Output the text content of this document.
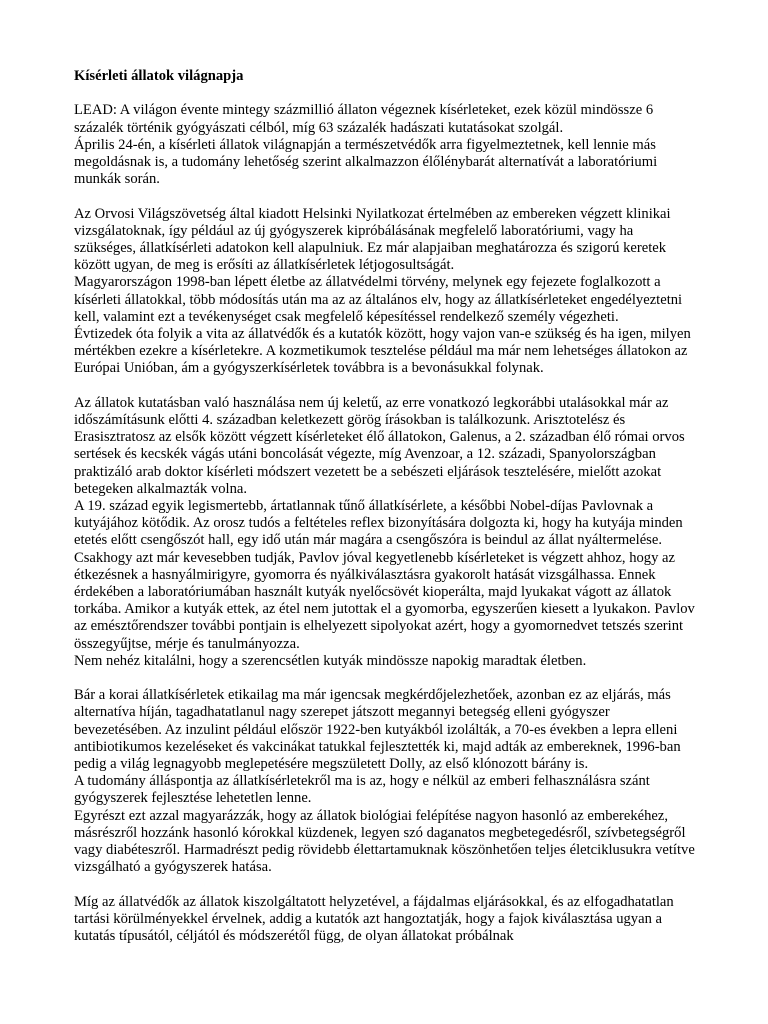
Kísérleti állatok világnapja

LEAD: A világon évente mintegy százmillió állaton végeznek kísérleteket, ezek közül mindössze 6 százalék történik gyógyászati célból, míg 63 százalék hadászati kutatásokat szolgál.

Április 24-én, a kísérleti állatok világnapján a természetvédők arra figyelmeztetnek, kell lennie más megoldásnak is, a tudomány lehetőség szerint alkalmazzon élőlénybarát alternatívát a laboratóriumi munkák során.

Az Orvosi Világszövetség által kiadott Helsinki Nyilatkozat értelmében az embereken végzett klinikai vizsgálatoknak, így például az új gyógyszerek kipróbálásának megfelelő laboratóriumi, vagy ha szükséges, állatkísérleti adatokon kell alapulniuk. Ez már alapjaiban meghatározza és szigorú keretek között ugyan, de meg is erősíti az állatkísérletek létjogosultságát.

Magyarországon 1998-ban lépett életbe az állatvédelmi törvény, melynek egy fejezete foglalkozott a kísérleti állatokkal, több módosítás után ma az az általános elv, hogy az állatkísérleteket engedélyeztetni kell, valamint ezt a tevékenységet csak megfelelő képesítéssel rendelkező személy végezheti.

Évtizedek óta folyik a vita az állatvédők és a kutatók között, hogy vajon van-e szükség és ha igen, milyen mértékben ezekre a kísérletekre. A kozmetikumok tesztelése például ma már nem lehetséges állatokon az Európai Unióban, ám a gyógyszerkísérletek továbbra is a bevonásukkal folynak.

Az állatok kutatásban való használása nem új keletű, az erre vonatkozó legkorábbi utalásokkal már az időszámításunk előtti 4. században keletkezett görög írásokban is találkozunk. Arisztotelész és Erasisztratosz az elsők között végzett kísérleteket élő állatokon, Galenus, a 2. században élő római orvos sertések és kecskék vágás utáni boncolását végezte, míg Avenzoar, a 12. századi, Spanyolországban praktizáló arab doktor kísérleti módszert vezetett be a sebészeti eljárások tesztelésére, mielőtt azokat betegeken alkalmazták volna.

A 19. század egyik legismertebb, ártatlannak tűnő állatkísérlete, a későbbi Nobel-díjas Pavlovnak a kutyájához kötődik. Az orosz tudós a feltételes reflex bizonyítására dolgozta ki, hogy ha kutyája minden etetés előtt csengőszót hall, egy idő után már magára a csengőszóra is beindul az állat nyáltermelése. Csakhogy azt már kevesebben tudják, Pavlov jóval kegyetlenebb kísérleteket is végzett ahhoz, hogy az étkezésnek a hasnyálmirigyre, gyomorra és nyálkiválasztásra gyakorolt hatását vizsgálhassa. Ennek érdekében a laboratóriumában használt kutyák nyelőcsövét kioperálta, majd lyukakat vágott az állatok torkába. Amikor a kutyák ettek, az étel nem jutottak el a gyomorba, egyszerűen kiesett a lyukakon. Pavlov az emésztőrendszer további pontjain is elhelyezett sipolyokat azért, hogy a gyomornedvet tetszés szerint összegyűjtse, mérje és tanulmányozza.

Nem nehéz kitalálni, hogy a szerencsétlen kutyák mindössze napokig maradtak életben.

Bár a korai állatkísérletek etikailag ma már igencsak megkérdőjelezhetőek, azonban ez az eljárás, más alternatíva híján, tagadhatatlanul nagy szerepet játszott megannyi betegség elleni gyógyszer bevezetésében. Az inzulint például először 1922-ben kutyákból izolálták, a 70-es években a lepra elleni antibiotikumos kezeléseket és vakcinákat tatukkal fejlesztették ki, majd adták az embereknek, 1996-ban pedig a világ legnagyobb meglepetésére megszületett Dolly, az első klónozott bárány is.

A tudomány álláspontja az állatkísérletekről ma is az, hogy e nélkül az emberi felhasználásra szánt gyógyszerek fejlesztése lehetetlen lenne.

Egyrészt ezt azzal magyarázzák, hogy az állatok biológiai felépítése nagyon hasonló az emberekéhez, másrészről hozzánk hasonló kórokkal küzdenek, legyen szó daganatos megbetegedésről, szívbetegségről vagy diabéteszről. Harmadrészt pedig rövidebb élettartamuknak köszönhetően teljes életciklusukra vetítve vizsgálható a gyógyszerek hatása.

Míg az állatvédők az állatok kiszolgáltatott helyzetével, a fájdalmas eljárásokkal, és az elfogadhatatlan tartási körülményekkel érvelnek, addig a kutatók azt hangoztatják, hogy a fajok kiválasztása ugyan a kutatás típusától, céljától és módszerétől függ, de olyan állatokat próbálnak
